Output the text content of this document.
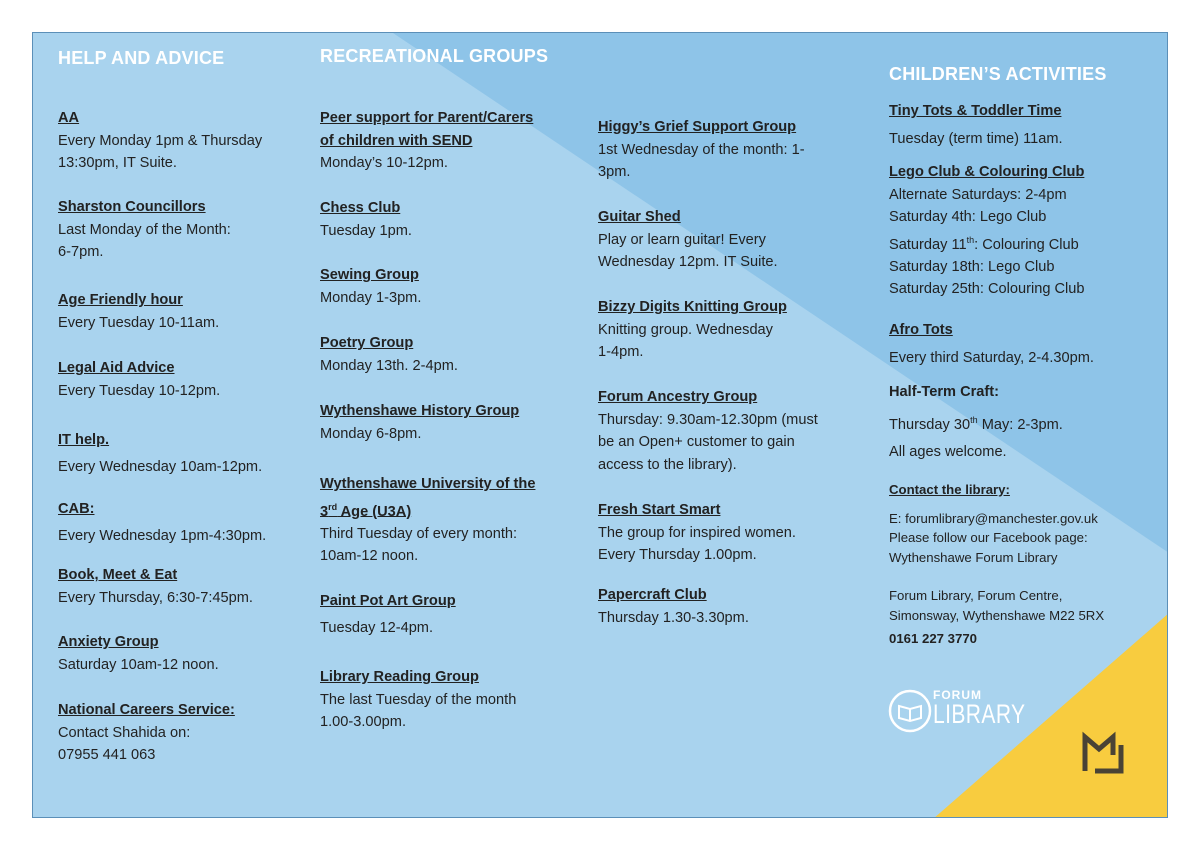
HELP AND ADVICE
AA
Every Monday 1pm & Thursday
13:30pm, IT Suite.
Sharston Councillors
Last Monday of the Month:
6-7pm.
Age Friendly hour
Every Tuesday 10-11am.
Legal Aid Advice
Every Tuesday 10-12pm.
IT help.
Every Wednesday 10am-12pm.
CAB:
Every Wednesday 1pm-4:30pm.
Book, Meet & Eat
Every Thursday, 6:30-7:45pm.
Anxiety Group
Saturday 10am-12 noon.
National Careers Service:
Contact Shahida on:
07955 441 063
RECREATIONAL GROUPS
Peer support for Parent/Carers
of children with SEND
Monday’s 10-12pm.
Chess Club
Tuesday 1pm.
Sewing Group
Monday 1-3pm.
Poetry Group
Monday 13th. 2-4pm.
Wythenshawe History Group
Monday 6-8pm.
Wythenshawe University of the
3rd Age (U3A)
Third Tuesday of every month:
10am-12 noon.
Paint Pot Art Group
Tuesday 12-4pm.
Library Reading Group
The last Tuesday of the month
1.00-3.00pm.
Higgy’s Grief Support Group
1st Wednesday of the month: 1-
3pm.
Guitar Shed
Play or learn guitar! Every
Wednesday 12pm. IT Suite.
Bizzy Digits Knitting Group
Knitting group. Wednesday
1-4pm.
Forum Ancestry Group
Thursday: 9.30am-12.30pm (must
be an Open+ customer to gain
access to the library).
Fresh Start Smart
The group for inspired women.
Every Thursday 1.00pm.
Papercraft Club
Thursday 1.30-3.30pm.
CHILDREN’S ACTIVITIES
Tiny Tots & Toddler Time
Tuesday (term time) 11am.
Lego Club & Colouring Club
Alternate Saturdays: 2-4pm
Saturday 4th: Lego Club
Saturday 11th: Colouring Club
Saturday 18th: Lego Club
Saturday 25th: Colouring Club
Afro Tots
Every third Saturday, 2-4.30pm.
Half-Term Craft:
Thursday 30th May: 2-3pm.
All ages welcome.
Contact the library:
E: forumlibrary@manchester.gov.uk
Please follow our Facebook page:
Wythenshawe Forum Library
Forum Library, Forum Centre,
Simonsway, Wythenshawe M22 5RX
0161 227 3770
FORUM
LIBRARY
